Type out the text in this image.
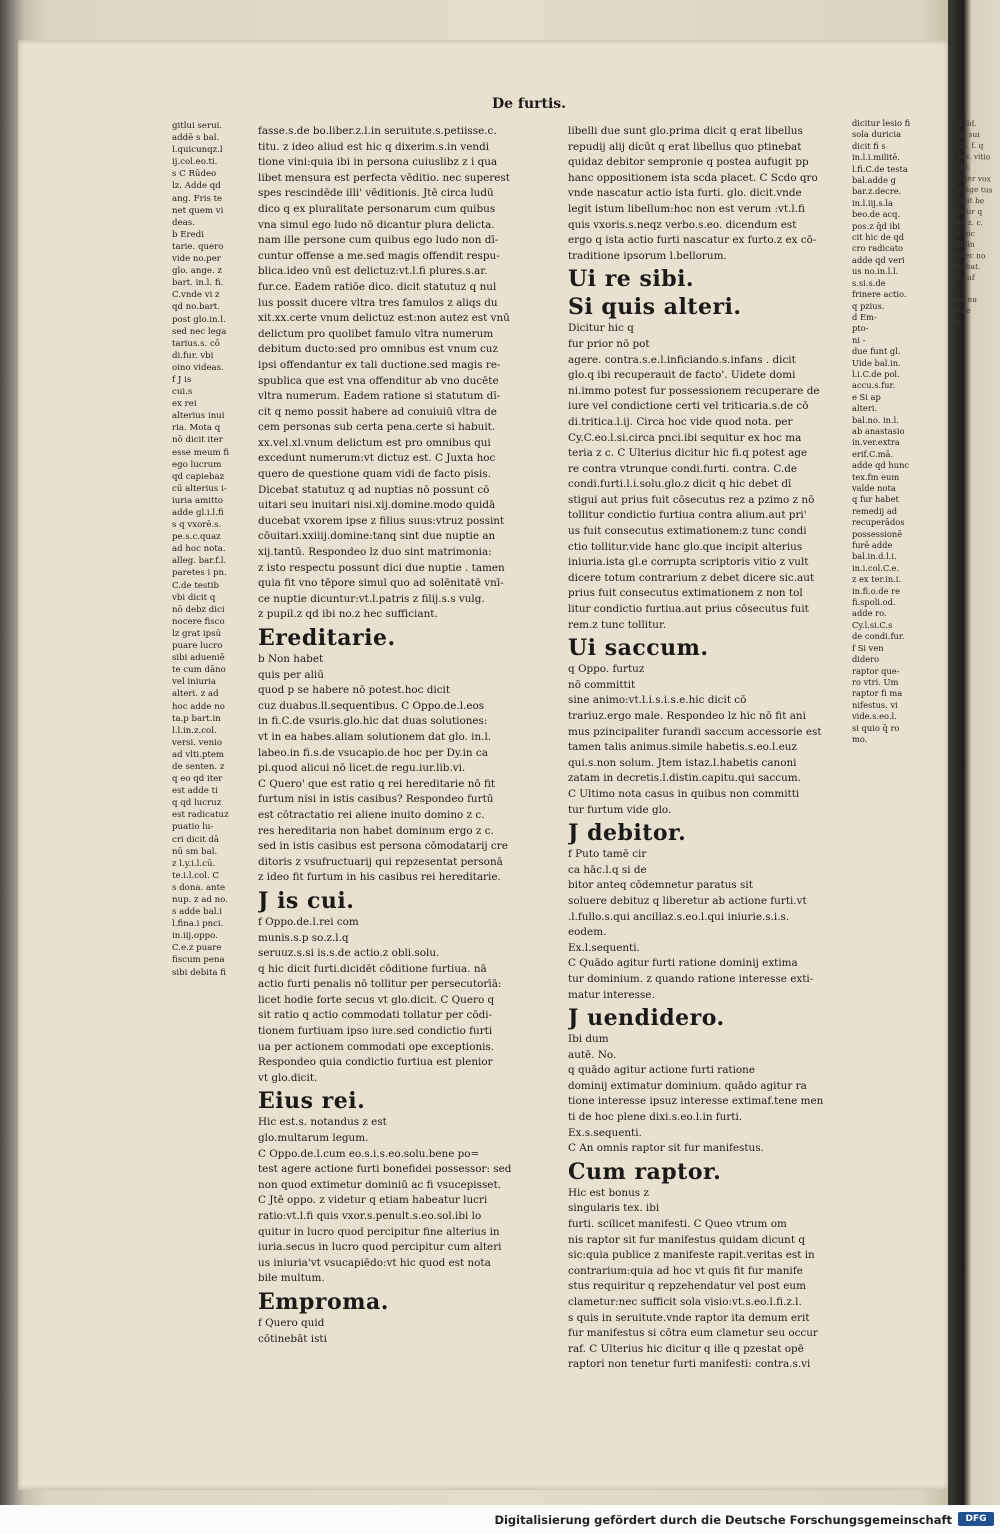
De furtis.
gitlui serui.
addē s bal.
l.quicunqz.l
ij.col.eo.ti.
s C Rūdeo
lz. Adde qd
ang. Fris te
net quem vi
deas.
b Eredi
tarie. quero
vide no.per
glo. ange. z
bart. in.l. fi.
C.vnde vi z
qd no.bart.
post glo.in.l.
sed nec lega
tarius.s. cō
di.fur. vbi
oino videas.
f J is
cui.s
ex rei
alterius inui
ria. Mota q
nō dicit iter
esse meum fi
ego lucrum
qd capiebaz
cū alterius i-
iuria amitto
adde gl.i.l.fi
s q vxorē.s.
pe.s.c.quaz
ad hoc nota.
alleg. bar.f.l.
paretes i pn.
C.de testib
vbi dicit q
nō debz dici
nocere fisco
lz grat ipsū
puare lucro
sibi adueniē
te cum dāno
vel iniuria
alteri. z ad
hoc adde no
ta.p bart.in
l.l.in.z.col.
versi. venio
ad vlti.ptem
de senten. z
q eo qd iter
est adde ti
q qd lucruz
est radicatuz
puatio lu-
cri dicit dā
nū sm bal.
z l.y.i.l.cū.
te.i.l.col. C
s dona. ante
nup. z ad no.
s adde bal.i
l.fina.i pnci.
in.iij.oppo.
C.e.z puare
fiscum pena
sibi debita fi
fasse.s.de bo.liber.z.l.in seruitute.s.petiisse.c.
titu. z ideo aliud est hic q dixerim.s.in vendi
tione vini:quia ibi in persona cuiuslibz z i qua
libet mensura est perfecta vēditio. nec superest
spes rescindēde illi' vēditionis. Jtē circa ludū
dico q ex pluralitate personarum cum quibus
vna simul ego ludo nō dicantur plura delicta.
nam ille persone cum quibus ego ludo non dī-
cuntur offense a me.sed magis offendit respu-
blica.ideo vnū est delictuz:vt.l.fi plures.s.ar.
fur.ce. Eadem ratiōe dico. dicit statutuz q nul
lus possit ducere vltra tres famulos z aliqs du
xit.xx.certe vnum delictuz est:non autez est vnū
delictum pro quolibet famulo vltra numerum
debitum ducto:sed pro omnibus est vnum cuz
ipsi offendantur ex tali ductione.sed magis re-
spublica que est vna offenditur ab vno ducēte
vltra numerum. Eadem ratione si statutum dī-
cit q nemo possit habere ad conuiuiū vltra de
cem personas sub certa pena.certe si habuit.
xx.vel.xl.vnum delictum est pro omnibus qui
excedunt numerum:vt dictuz est. C Juxta hoc
quero de questione quam vidi de facto pisis.
Dicebat statutuz q ad nuptias nō possunt cō
uitari seu inuitari nisi.xij.domine.modo quidā
ducebat vxorem ipse z filius suus:vtruz possint
cōuitari.xxiiij.domine:tanq sint due nuptie an
xij.tantū. Respondeo lz duo sint matrimonia:
z isto respectu possunt dici due nuptie . tamen
quia fit vno tēpore simul quo ad solēnitatē vnī-
ce nuptie dicuntur:vt.l.patris z filij.s.s vulg.
z pupil.z qd ibi no.z hec sufficiant.
Ereditarie.
b Non habet
quis per aliū
quod p se habere nō potest.hoc dicit
cuz duabus.ll.sequentibus. C Oppo.de.l.eos
in fi.C.de vsuris.glo.hic dat duas solutiones:
vt in ea habes.aliam solutionem dat glo. in.l.
labeo.in fi.s.de vsucapio.de hoc per Dy.in ca
pi.quod alicui nō licet.de regu.iur.lib.vi.
C Quero' que est ratio q rei hereditarie nō fit
furtum nisi in istis casibus? Respondeo furtū
est cōtractatio rei aliene inuito domino z c.
res hereditaria non habet dominum ergo z c.
sed in istis casibus est persona cōmodatarij cre
ditoris z vsufructuarij qui repzesentat personā
z ideo fit furtum in his casibus rei hereditarie.
J is cui.
f Oppo.de.l.rei com
munis.s.p so.z.l.q
seruuz.s.si is.s.de actio.z obli.solu.
q hic dicit furti.dicidēt cōditione furtiua. nā
actio furti penalis nō tollitur per persecutorīā:
licet hodie forte secus vt glo.dicit. C Quero q
sit ratio q actio commodati tollatur per cōdi-
tionem furtiuam ipso iure.sed condictio furti
ua per actionem commodati ope exceptionis.
Respondeo quia condictio furtiua est plenior
vt glo.dicit.
Eius rei.
Hic est.s. notandus z est
glo.multarum legum.
C Oppo.de.l.cum eo.s.i.s.eo.solu.bene po=
test agere actione furti bonefidei possessor: sed
non quod extimetur dominiū ac fi vsucepisset.
C Jtē oppo. z videtur q etiam habeatur lucri
ratio:vt.l.fi quis vxor.s.penult.s.eo.sol.ibi lo
quitur in lucro quod percipitur fine alterius in
iuria.secus in lucro quod percipitur cum alteri
us iniuria'vt vsucapiēdo:vt hic quod est nota
bile multum.
Emproma.
f Quero quid
cōtinebāt isti
libelli due sunt glo.prima dicit q erat libellus
repudij alij dicūt q erat libellus quo ptinebat
quidaz debitor sempronie q postea aufugit pp
hanc oppositionem ista scda placet. C Scdo qro
vnde nascatur actio ista furti. glo. dicit.vnde
legit istum libellum:hoc non est verum :vt.l.fi
quis vxoris.s.neqz verbo.s.eo. dicendum est
ergo q ista actio furti nascatur ex furto.z ex cō-
traditione ipsorum l.bellorum.
Ui re sibi.
Si quis alteri.
Dicitur hic q
fur prior nō pot
agere. contra.s.e.l.inficiando.s.infans . dicit
glo.q ibi recuperauit de facto'. Uidete domi
ni.immo potest fur possessionem recuperare de
iure vel condictione certi vel triticaria.s.de cō
di.tritica.l.ij. Circa hoc vide quod nota. per
Cy.C.eo.l.si.circa pnci.ibi sequitur ex hoc ma
teria z c. C Ulterius dicitur hic fi.q potest age
re contra vtrunque condi.furti. contra. C.de
condi.furti.l.i.solu.glo.z dicit q hic debet dī
stigui aut prius fuit cōsecutus rez a pzimo z nō
tollitur condictio furtiua contra alium.aut pri'
us fuit consecutus extimationem:z tunc condi
ctio tollitur.vide hanc glo.que incipit alterius
iniuria.ista gl.e corrupta scriptoris vitio z vult
dicere totum contrarium z debet dicere sic.aut
prius fuit consecutus extimationem z non tol
litur condictio furtiua.aut prius cōsecutus fuit
rem.z tunc tollitur.
Ui saccum.
q Oppo. furtuz
nō committit
sine animo:vt.l.i.s.i.s.e.hic dicit cō
trariuz.ergo male. Respondeo lz hic nō fit ani
mus pzincipaliter furandi saccum accessorie est
tamen talis animus.simile habetis.s.eo.l.euz
qui.s.non solum. Jtem istaz.l.habetis canoni
zatam in decretis.l.distin.capitu.qui saccum.
C Ultimo nota casus in quibus non committi
tur furtum vide glo.
J debitor.
f Puto tamē cir
ca hāc.l.q si de
bitor anteq cōdemnetur paratus sit
soluere debituz q liberetur ab actione furti.vt
.l.fullo.s.qui ancillaz.s.eo.l.qui iniurie.s.i.s.
eodem.
Ex.l.sequenti.
C Quādo agitur furti ratione dominij extima
tur dominium. z quando ratione interesse exti-
matur interesse.
J uendidero.
Ibi dum
autē. No.
q quādo agitur actione furti ratione
dominij extimatur dominium. quādo agitur ra
tione interesse ipsuz interesse extimaf.tene men
ti de hoc plene dixi.s.eo.l.in furti.
Ex.s.sequenti.
C An omnis raptor sit fur manifestus.
Cum raptor.
Hic est bonus z
singularis tex. ibi
furti. scilicet manifesti. C Queo vtrum om
nis raptor sit fur manifestus quidam dicunt q
sic:quia publice z manifeste rapit.veritas est in
contrarium:quia ad hoc vt quis fit fur manife
stus requiritur q repzehendatur vel post eum
clametur:nec sufficit sola visio:vt.s.eo.l.fi.z.l.
s quis in seruitute.vnde raptor ita demum erit
fur manifestus si cōtra eum clametur seu occur
raf. C Ulterius hic dicitur q ille q pzestat opē
raptori non tenetur furti manifesti: contra.s.vi
dicitur lesio fi
sola duricia
dicit fi s
in.l.i.militē.
l.fi.C.de testa
bal.adde g
bar.z.decre.
in.l.iij.s.la
beo.de acq.
pos.z q̄d ibi
cit hic de qd
cro radicato
adde qd veri
us no.in.l.l.
s.si.s.de
frinere actio.
q pzius.
d Em-
pto-
ni -
due funt gl.
Uide bal.in.
l.i.C.de pol.
accu.s.fur.
e Si ap
alteri.
bal.no. in.l.
ab anastasio
in.ver.extra
erif.C.mā.
adde qd hunc
tex.fm eum
valde nota
q fur habet
remedij ad
recuperādos
possessionē
furē adde
bal.in.d.l.i.
in.i.col.C.e.
z ex ter.in.i.
in.fi.o.de re
fi.spoli.od.
adde ro.
Cy.l.si.C.s
de condi.fur.
f Si ven
didero
raptor que-
ro vtri. Um
raptor fi ma
nifestus. vi
vide.s.eo.l.
si quio q̄ ro
mo.
f lid.
q. sui
lit. f. q
ias. vitio
ilir.
eiter vox
pinge tus
raut be
lutur q
na z. c.
ti hic
dl fin
nitec no
ae bat.
C . uf
s. i.
ein nu
lo ze
in
Digitalisierung gefördert durch die Deutsche Forschungsgemeinschaft	DFG
